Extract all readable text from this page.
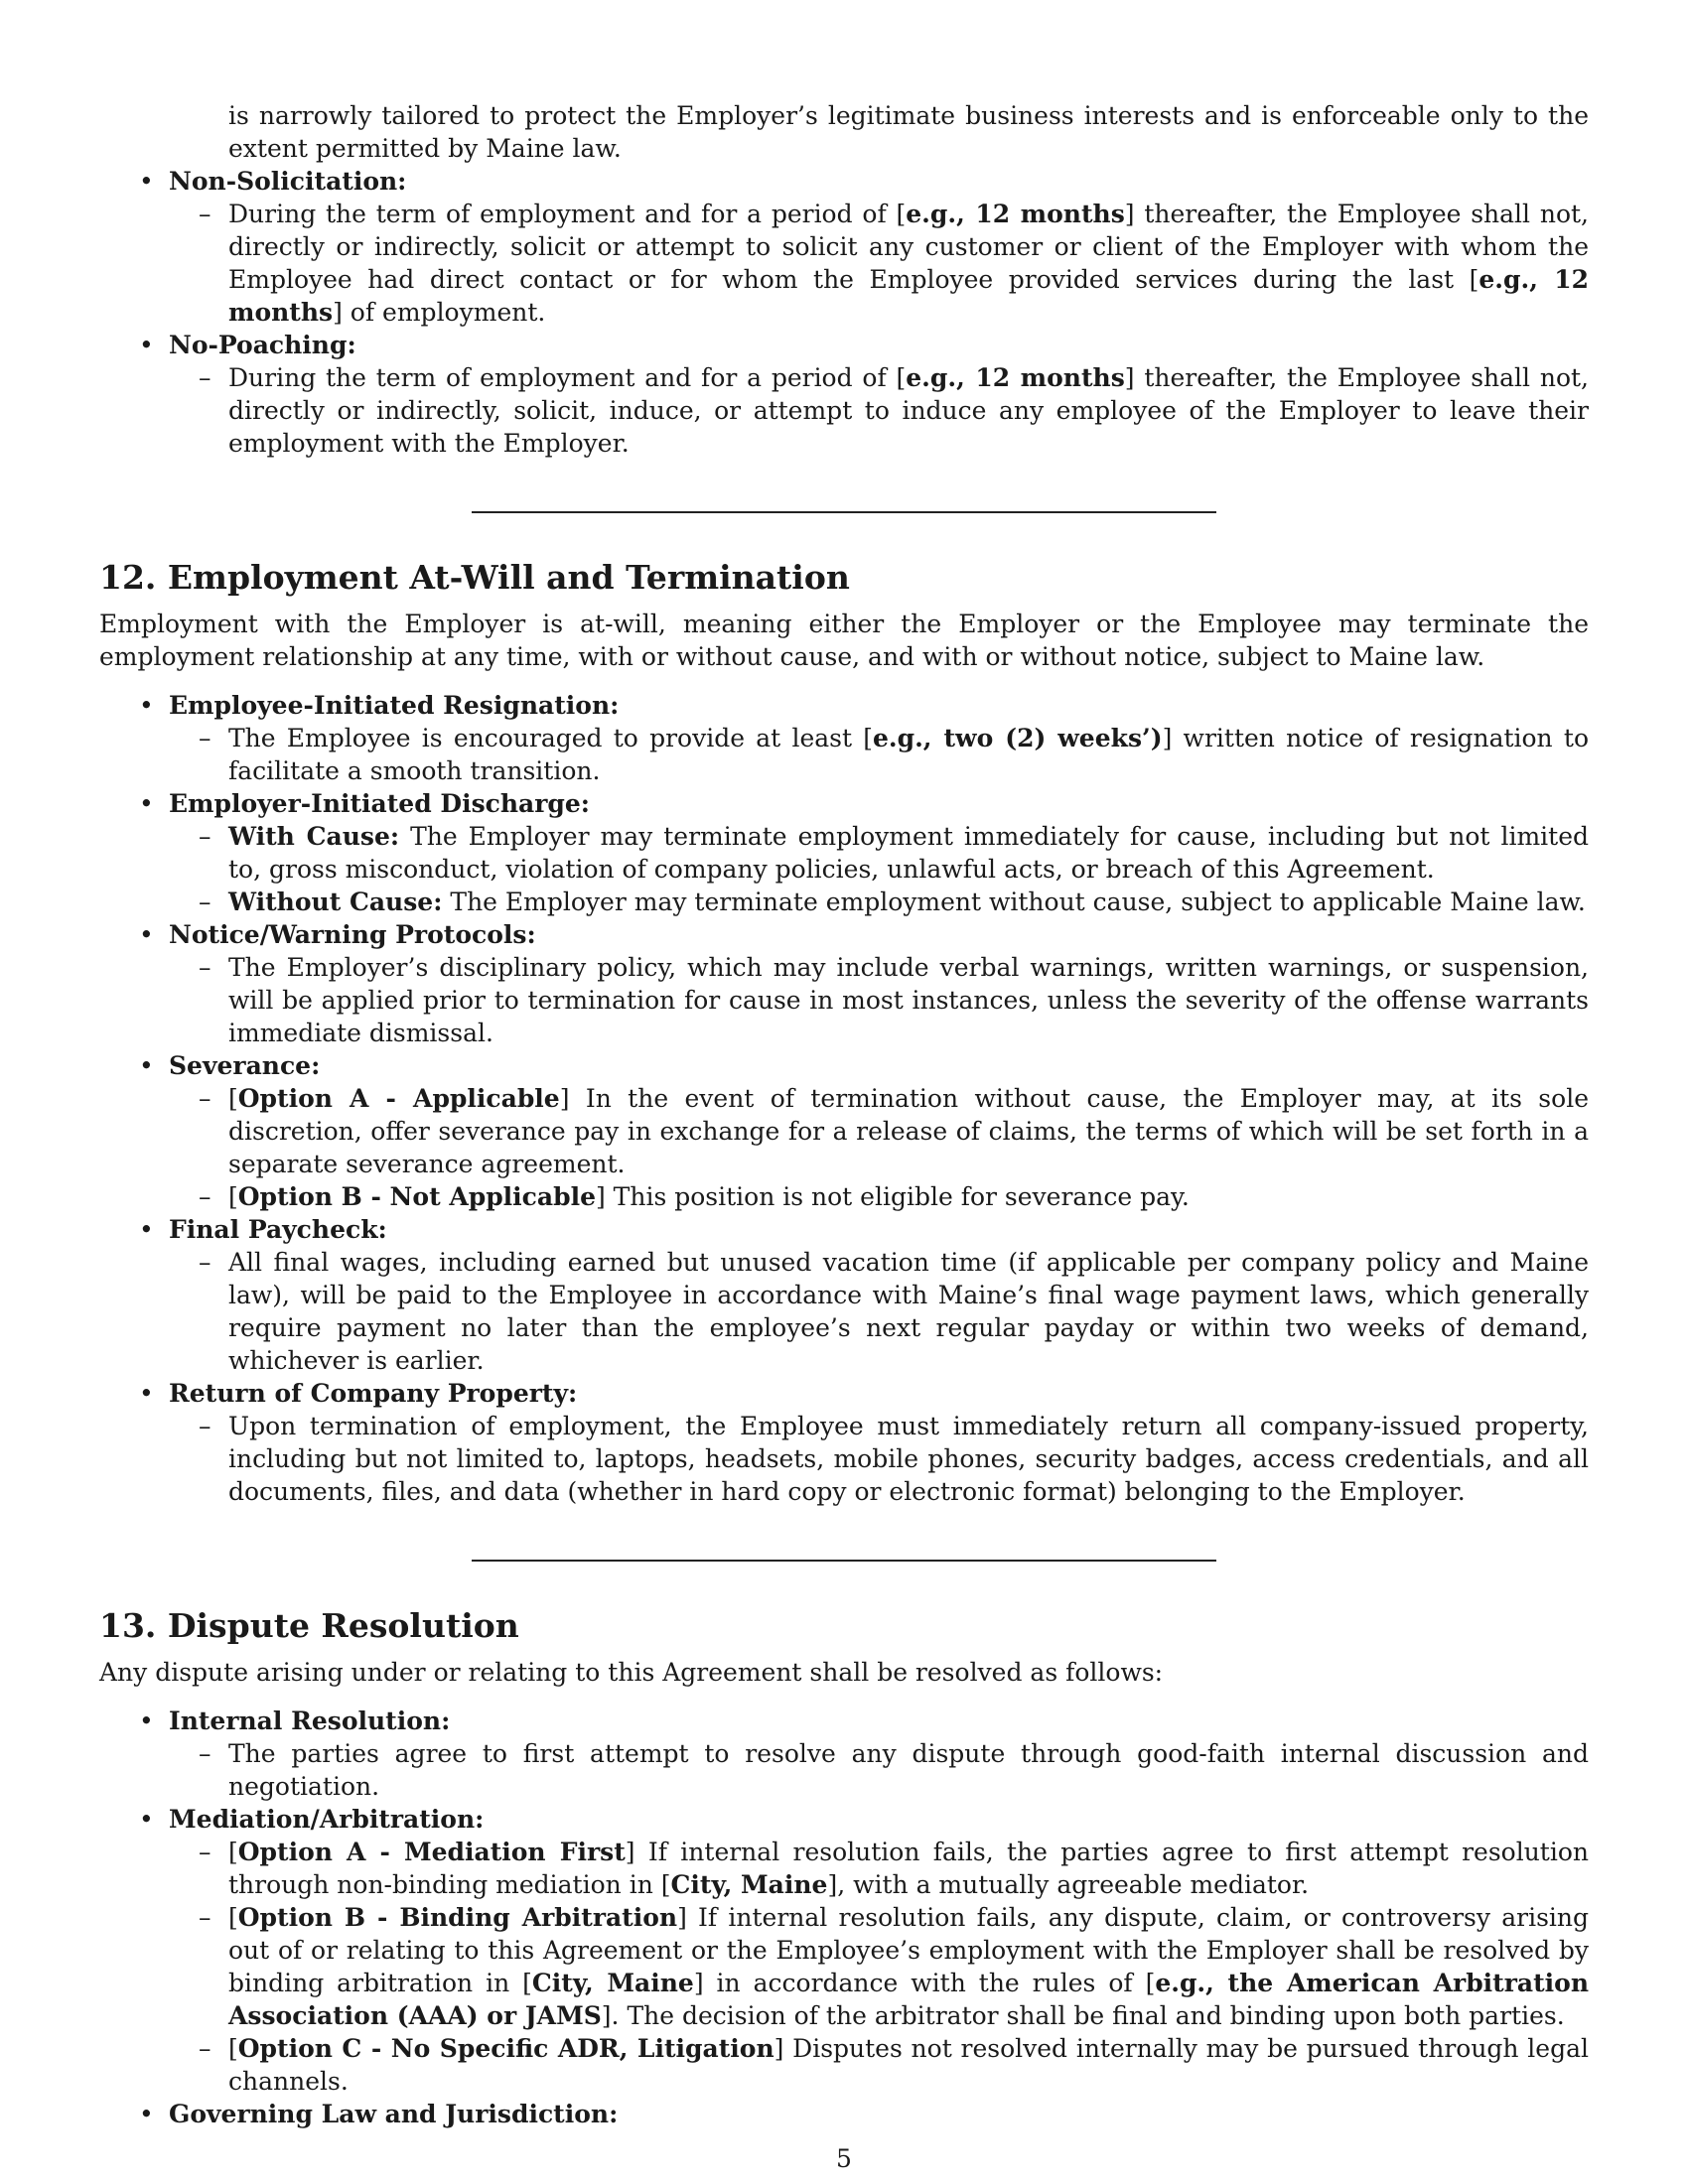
is narrowly tailored to protect the Employer’s legitimate business interests and is enforceable only to the extent permitted by Maine law.

• Non-Solicitation:

– During the term of employment and for a period of [e.g., 12 months] thereafter, the Employee shall not, directly or indirectly, solicit or attempt to solicit any customer or client of the Employer with whom the Employee had direct contact or for whom the Employee provided services during the last [e.g., 12 months] of employment.

• No-Poaching:

– During the term of employment and for a period of [e.g., 12 months] thereafter, the Employee shall not, directly or indirectly, solicit, induce, or attempt to induce any employee of the Employer to leave their employment with the Employer.

12. Employment At-Will and Termination

Employment with the Employer is at-will, meaning either the Employer or the Employee may terminate the employment relationship at any time, with or without cause, and with or without notice, subject to Maine law.

• Employee-Initiated Resignation:

– The Employee is encouraged to provide at least [e.g., two (2) weeks’)] written notice of resignation to facilitate a smooth transition.

• Employer-Initiated Discharge:

– With Cause: The Employer may terminate employment immediately for cause, including but not limited to, gross misconduct, violation of company policies, unlawful acts, or breach of this Agreement.

– Without Cause: The Employer may terminate employment without cause, subject to applicable Maine law.

• Notice/Warning Protocols:

– The Employer’s disciplinary policy, which may include verbal warnings, written warnings, or suspension, will be applied prior to termination for cause in most instances, unless the severity of the offense warrants immediate dismissal.

• Severance:

– [Option A - Applicable] In the event of termination without cause, the Employer may, at its sole discretion, offer severance pay in exchange for a release of claims, the terms of which will be set forth in a separate severance agreement.

– [Option B - Not Applicable] This position is not eligible for severance pay.

• Final Paycheck:

– All final wages, including earned but unused vacation time (if applicable per company policy and Maine law), will be paid to the Employee in accordance with Maine’s final wage payment laws, which generally require payment no later than the employee’s next regular payday or within two weeks of demand, whichever is earlier.

• Return of Company Property:

– Upon termination of employment, the Employee must immediately return all company-issued property, including but not limited to, laptops, headsets, mobile phones, security badges, access credentials, and all documents, files, and data (whether in hard copy or electronic format) belonging to the Employer.

13. Dispute Resolution

Any dispute arising under or relating to this Agreement shall be resolved as follows:

• Internal Resolution:

– The parties agree to first attempt to resolve any dispute through good-faith internal discussion and negotiation.

• Mediation/Arbitration:

– [Option A - Mediation First] If internal resolution fails, the parties agree to first attempt resolution through non-binding mediation in [City, Maine], with a mutually agreeable mediator.

– [Option B - Binding Arbitration] If internal resolution fails, any dispute, claim, or controversy arising out of or relating to this Agreement or the Employee’s employment with the Employer shall be resolved by binding arbitration in [City, Maine] in accordance with the rules of [e.g., the American Arbitration Association (AAA) or JAMS]. The decision of the arbitrator shall be final and binding upon both parties.

– [Option C - No Specific ADR, Litigation] Disputes not resolved internally may be pursued through legal channels.

• Governing Law and Jurisdiction:
5
